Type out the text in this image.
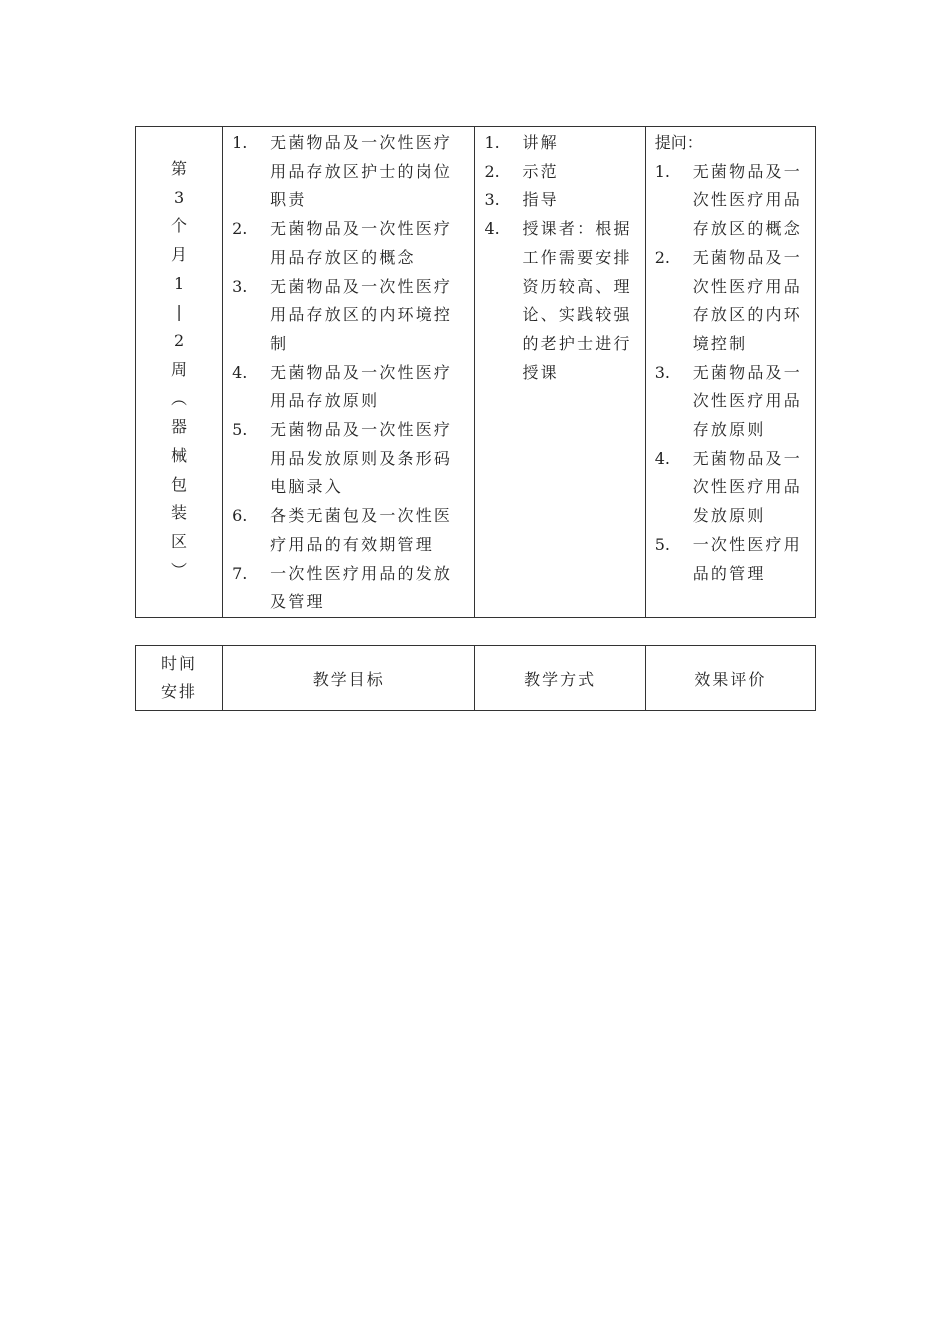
第
3
个
月
1
|
2
周
︵
器
械
包
装
区
︶

1.	无菌物品及一次性医疗用品存放区护士的岗位职责
2.	无菌物品及一次性医疗用品存放区的概念
3.	无菌物品及一次性医疗用品存放区的内环境控制
4.	无菌物品及一次性医疗用品存放原则
5.	无菌物品及一次性医疗用品发放原则及条形码电脑录入
6.	各类无菌包及一次性医疗用品的有效期管理
7.	一次性医疗用品的发放及管理

1.	讲解
2.	示范
3.	指导
4.	授课者：根据工作需要安排资历较高、理论、实践较强的老护士进行授课

提问：
1.	无菌物品及一次性医疗用品存放区的概念
2.	无菌物品及一次性医疗用品存放区的内环境控制
3.	无菌物品及一次性医疗用品存放原则
4.	无菌物品及一次性医疗用品发放原则
5.	一次性医疗用品的管理
时间
安排
	教学目标	教学方式	效果评价
